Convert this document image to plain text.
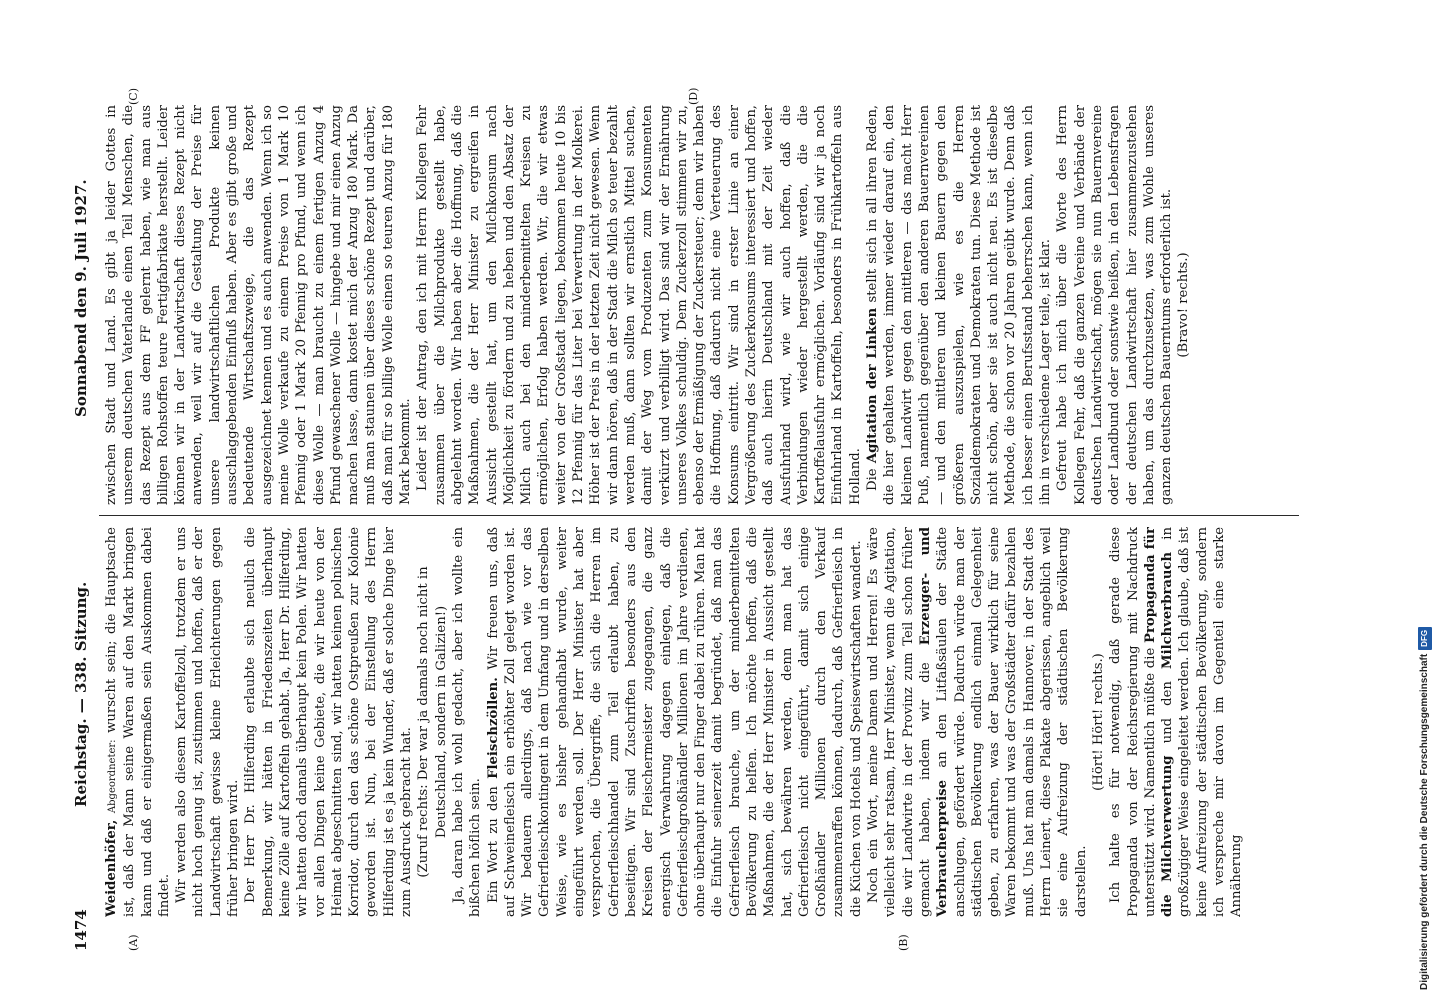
1474
Reichstag. — 338. Sitzung.
Sonnabend den 9. Juli 1927.
(A)	(B)
(C)	(D)

Weidenhöfer, Abgeordneter: wurscht sein; die Hauptsache ist, daß der Mann seine Waren auf den Markt bringen kann und daß er einigermaßen sein Auskommen dabei findet. Wir werden also diesem Kartoffelzoll, trotzdem er uns nicht hoch genug ist, zustimmen und hoffen, daß er der Landwirtschaft gewisse kleine Erleichterungen gegen früher bringen wird. Der Herr Dr. Hilferding erlaubte sich neulich die Bemerkung, wir hätten in Friedenszeiten überhaupt keine Zölle auf Kartoffeln gehabt. Ja, Herr Dr. Hilferding, wir hatten doch damals überhaupt kein Polen. Wir hatten vor allen Dingen keine Gebiete, die wir heute von der Heimat abgeschnitten sind, wir hatten keinen polnischen Korridor, durch den das schöne Ostpreußen zur Kolonie geworden ist. Nun, bei der Einstellung des Herrn Hilferding ist es ja kein Wunder, daß er solche Dinge hier zum Ausdruck gebracht hat. (Zuruf rechts: Der war ja damals noch nicht in Deutschland, sondern in Galizien!) Ja, daran habe ich wohl gedacht, aber ich wollte ein bißchen höflich sein. Ein Wort zu den Fleischzöllen. Wir freuen uns, daß auf Schweinefleisch ein erhöhter Zoll gelegt worden ist. Wir bedauern allerdings, daß nach wie vor das Gefrierfleischkontingent in dem Umfang und in derselben Weise, wie es bisher gehandhabt wurde, weiter eingeführt werden soll. Der Herr Minister hat aber versprochen, die Übergriffe, die sich die Herren im Gefrierfleischhandel zum Teil erlaubt haben, zu beseitigen. Wir sind Zuschriften besonders aus den Kreisen der Fleischermeister zugegangen, die ganz energisch Verwahrung dagegen einlegen, daß die Gefrierfleischgroßhändler Millionen im Jahre verdienen, ohne überhaupt nur den Finger dabei zu rühren. Man hat die Einfuhr seinerzeit damit begründet, daß man das Gefrierfleisch brauche, um der minderbemittelten Bevölkerung zu helfen. Ich möchte hoffen, daß die Maßnahmen, die der Herr Minister in Aussicht gestellt hat, sich bewähren werden, denn man hat das Gefrierfleisch nicht eingeführt, damit sich einige Großhändler Millionen durch den Verkauf zusammenraffen können, dadurch, daß Gefrierfleisch in die Küchen von Hotels und Speisewirtschaften wandert. Noch ein Wort, meine Damen und Herren! Es wäre vielleicht sehr ratsam, Herr Minister, wenn die Agitation, die wir Landwirte in der Provinz zum Teil schon früher gemacht haben, indem wir die Erzeuger- und Verbraucherpreise an den Litfaßsäulen der Städte anschlugen, gefördert würde. Dadurch würde man der städtischen Bevölkerung endlich einmal Gelegenheit geben, zu erfahren, was der Bauer wirklich für seine Waren bekommt und was der Großstädter dafür bezahlen muß. Uns hat man damals in Hannover, in der Stadt des Herrn Leinert, diese Plakate abgerissen, angeblich weil sie eine Aufreizung der städtischen Bevölkerung darstellen.

(Hört! Hört! rechts.) Ich halte es für notwendig, daß gerade diese Propaganda von der Reichsregierung mit Nachdruck unterstützt wird. Namentlich müßte die Propaganda für die Milchverwertung und den Milchverbrauch in großzügiger Weise eingeleitet werden. Ich glaube, daß ist keine Aufreizung der städtischen Bevölkerung, sondern ich verspreche mir davon im Gegenteil eine starke Annäherung

zwischen Stadt und Land. Es gibt ja leider Gottes in unserem deutschen Vaterlande einen Teil Menschen, die das Rezept aus dem FF gelernt haben, wie man aus billigen Rohstoffen teure Fertigfabrikate herstellt. Leider können wir in der Landwirtschaft dieses Rezept nicht anwenden, weil wir auf die Gestaltung der Preise für unsere landwirtschaftlichen Produkte keinen ausschlaggebenden Einfluß haben. Aber es gibt große und bedeutende Wirtschaftszweige, die das Rezept ausgezeichnet kennen und es auch anwenden. Wenn ich so meine Wolle verkaufe zu einem Preise von 1 Mark 10 Pfennig oder 1 Mark 20 Pfennig pro Pfund, und wenn ich diese Wolle — man braucht zu einem fertigen Anzug 4 Pfund gewaschener Wolle — hingebe und mir einen Anzug machen lasse, dann kostet mich der Anzug 180 Mark. Da muß man staunen über dieses schöne Rezept und darüber, daß man für so billige Wolle einen so teuren Anzug für 180 Mark bekommt. Leider ist der Antrag, den ich mit Herrn Kollegen Fehr zusammen über die Milchprodukte gestellt habe, abgelehnt worden. Wir haben aber die Hoffnung, daß die Maßnahmen, die der Herr Minister zu ergreifen in Aussicht gestellt hat, um den Milchkonsum nach Möglichkeit zu fördern und zu heben und den Absatz der Milch auch bei den minderbemittelten Kreisen zu ermöglichen, Erfolg haben werden. Wir, die wir etwas weiter von der Großstadt liegen, bekommen heute 10 bis 12 Pfennig für das Liter bei Verwertung in der Molkerei. Höher ist der Preis in der letzten Zeit nicht gewesen. Wenn wir dann hören, daß in der Stadt die Milch so teuer bezahlt werden muß, dann sollten wir ernstlich Mittel suchen, damit der Weg vom Produzenten zum Konsumenten verkürzt und verbilligt wird. Das sind wir der Ernährung unseres Volkes schuldig. Dem Zuckerzoll stimmen wir zu, ebenso der Ermäßigung der Zuckersteuer; denn wir haben die Hoffnung, daß dadurch nicht eine Verteuerung des Konsums eintritt. Wir sind in erster Linie an einer Vergrößerung des Zuckerkonsums interessiert und hoffen, daß auch hierin Deutschland mit der Zeit wieder Ausfuhrland wird, wie wir auch hoffen, daß die Verbindungen wieder hergestellt werden, die die Kartoffelausfuhr ermöglichen. Vorläufig sind wir ja noch Einfuhrland in Kartoffeln, besonders in Frühkartoffeln aus Holland. Die Agitation der Linken stellt sich in all ihren Reden, die hier gehalten werden, immer wieder darauf ein, den kleinen Landwirt gegen den mittleren — das macht Herr Puß, namentlich gegenüber den anderen Bauernvereinen — und den mittleren und kleinen Bauern gegen den größeren auszuspielen, wie es die Herren Sozialdemokraten und Demokraten tun. Diese Methode ist nicht schön, aber sie ist auch nicht neu. Es ist dieselbe Methode, die schon vor 20 Jahren geübt wurde. Denn daß ich besser einen Berufsstand beherrschen kann, wenn ich ihn in verschiedene Lager teile, ist klar. Gefreut habe ich mich über die Worte des Herrn Kollegen Fehr, daß die ganzen Vereine und Verbände der deutschen Landwirtschaft, mögen sie nun Bauernvereine oder Landbund oder sonstwie heißen, in den Lebensfragen der deutschen Landwirtschaft hier zusammenzustehen haben, um das durchzusetzen, was zum Wohle unseres ganzen deutschen Bauerntums erforderlich ist. (Bravo! rechts.)

Digitalisierung gefördert durch die Deutsche ForschungsgemeinschaftDFG
